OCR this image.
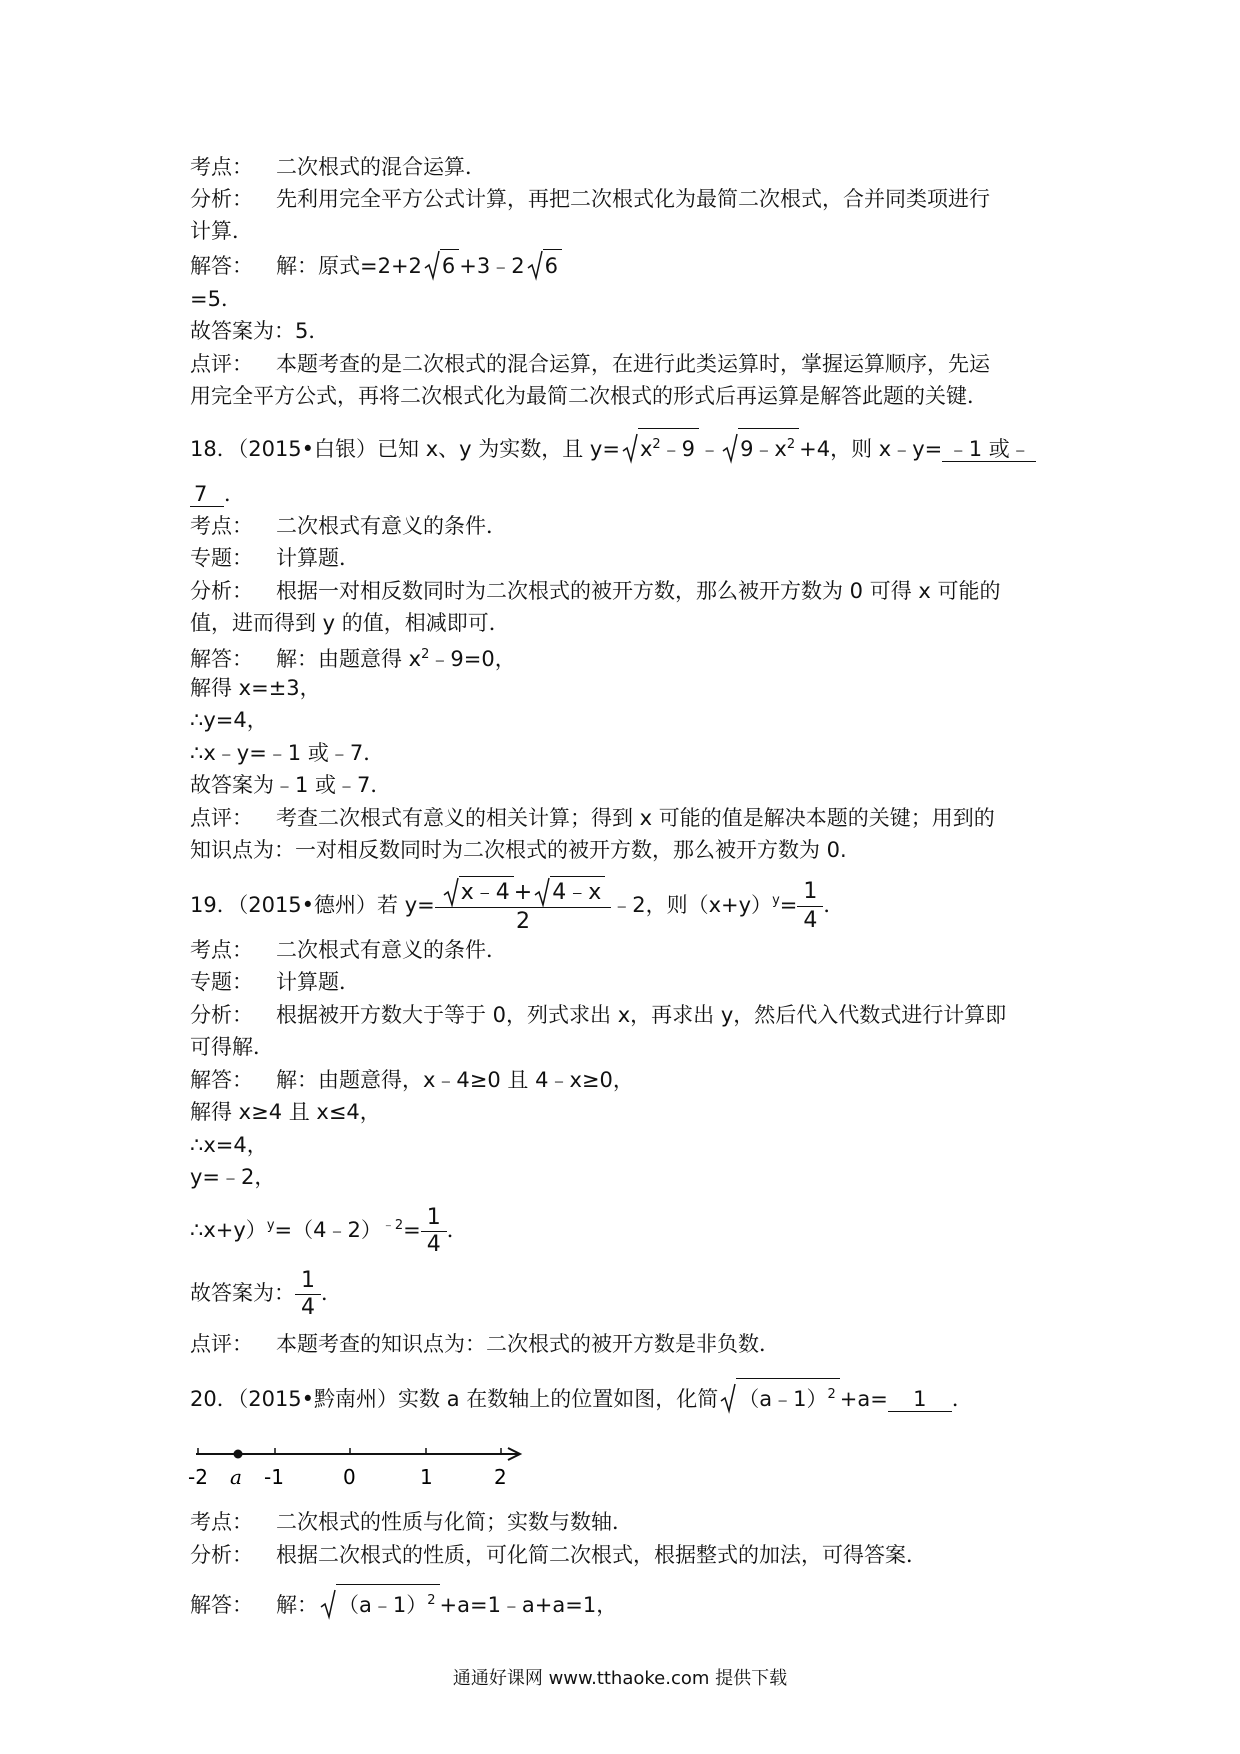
考点： 二次根式的混合运算．
分析： 先利用完全平方公式计算，再把二次根式化为最简二次根式，合并同类项进行
计算．
解答： 解：原式=2+2 6 +3﹣2 6
=5．
故答案为：5．
点评： 本题考查的是二次根式的混合运算，在进行此类运算时，掌握运算顺序，先运
用完全平方公式，再将二次根式化为最简二次根式的形式后再运算是解答此题的关键．
18．（2015•白银）已知 x、y 为实数，且 $y= x^2﹣9$ ﹣ $9﹣x^2 +4$，则 x﹣y= ﹣1 或﹣
7 ．
考点： 二次根式有意义的条件．
专题： 计算题．
分析： 根据一对相反数同时为二次根式的被开方数，那么被开方数为 0 可得 x 可能的
值，进而得到 y 的值，相减即可．
解答： 解：由题意得 $x^2﹣9=0$，
解得 x=±3，
∴y=4，
∴x﹣y=﹣1 或﹣7．
故答案为﹣1 或﹣7．
点评： 考查二次根式有意义的相关计算；得到 x 可能的值是解决本题的关键；用到的
知识点为：一对相反数同时为二次根式的被开方数，那么被开方数为 0.
19．（2015•德州）若 $y= \frac{x﹣4 + 4﹣x}{2}$ ﹣2，则$(x+y)^y= \frac{1}{4}$ ．
考点： 二次根式有意义的条件．
专题： 计算题．
分析： 根据被开方数大于等于 0，列式求出 x，再求出 y，然后代入代数式进行计算即
可得解．
解答： 解：由题意得，x﹣4≥0 且 4﹣x≥0，
解得 x≥4 且 x≤4，
∴x=4，
y=﹣2，
∴x+y）$^y$=（4﹣2）$^{﹣2}$= $\frac{1}{4}$ ．
故答案为： $\frac{1}{4}$ ．
点评： 本题考查的知识点为：二次根式的被开方数是非负数．
20．（2015•黔南州）实数 a 在数轴上的位置如图，化简 （a﹣1）$^2$ +a= 1 ．
-2 a -1	0	1	2
考点： 二次根式的性质与化简；实数与数轴．
分析： 根据二次根式的性质，可化简二次根式，根据整式的加法，可得答案．
解答： 解： （a﹣1）$^2$ +a=1﹣a+a=1，
通通好课网 www.tthaoke.com 提供下载
